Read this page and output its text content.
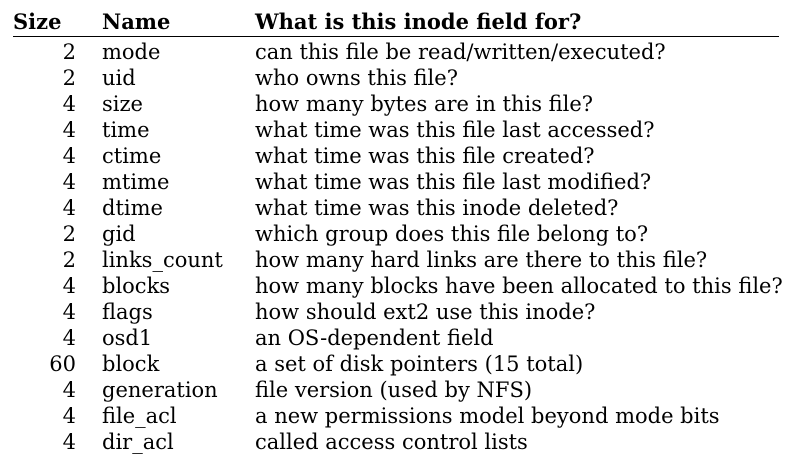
Size	Name	What is this inode field for?
2	mode	can this file be read/written/executed?
2	uid	who owns this file?
4	size	how many bytes are in this file?
4	time	what time was this file last accessed?
4	ctime	what time was this file created?
4	mtime	what time was this file last modified?
4	dtime	what time was this inode deleted?
2	gid	which group does this file belong to?
2	links_count	how many hard links are there to this file?
4	blocks	how many blocks have been allocated to this file?
4	flags	how should ext2 use this inode?
4	osd1	an OS-dependent field
60	block	a set of disk pointers (15 total)
4	generation	file version (used by NFS)
4	file_acl	a new permissions model beyond mode bits
4	dir_acl	called access control lists
